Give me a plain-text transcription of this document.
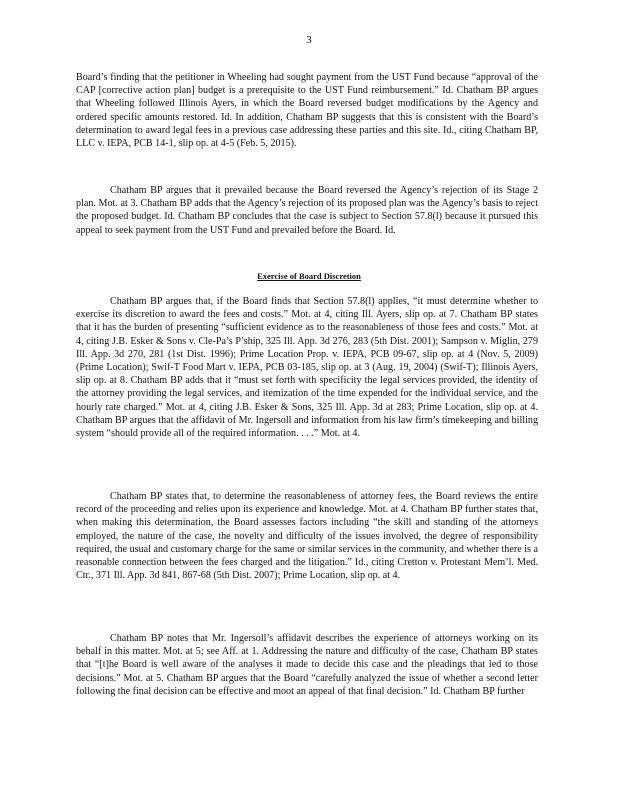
3

Board’s finding that the petitioner in Wheeling had sought payment from the UST Fund because “approval of the CAP [corrective action plan] budget is a prerequisite to the UST Fund reimbursement.” Id. Chatham BP argues that Wheeling followed Illinois Ayers, in which the Board reversed budget modifications by the Agency and ordered specific amounts restored. Id. In addition, Chatham BP suggests that this is consistent with the Board’s determination to award legal fees in a previous case addressing these parties and this site. Id., citing Chatham BP, LLC v. IEPA, PCB 14-1, slip op. at 4-5 (Feb. 5, 2015).

Chatham BP argues that it prevailed because the Board reversed the Agency’s rejection of its Stage 2 plan. Mot. at 3. Chatham BP adds that the Agency’s rejection of its proposed plan was the Agency’s basis to reject the proposed budget. Id. Chatham BP concludes that the case is subject to Section 57.8(l) because it pursued this appeal to seek payment from the UST Fund and prevailed before the Board. Id.

Exercise of Board Discretion

Chatham BP argues that, if the Board finds that Section 57.8(l) applies, “it must determine whether to exercise its discretion to award the fees and costs.” Mot. at 4, citing Ill. Ayers, slip op. at 7. Chatham BP states that it has the burden of presenting “sufficient evidence as to the reasonableness of those fees and costs.” Mot. at 4, citing J.B. Esker & Sons v. Cle-Pa’s P’ship, 325 Ill. App. 3d 276, 283 (5th Dist. 2001); Sampson v. Miglin, 279 Ill. App. 3d 270, 281 (1st Dist. 1996); Prime Location Prop. v. IEPA, PCB 09-67, slip op. at 4 (Nov. 5, 2009) (Prime Location); Swif-T Food Mart v. IEPA, PCB 03-185, slip op. at 3 (Aug. 19, 2004) (Swif-T); Illinois Ayers, slip op. at 8. Chatham BP adds that it “must set forth with specificity the legal services provided, the identity of the attorney providing the legal services, and itemization of the time expended for the individual service, and the hourly rate charged.” Mot. at 4, citing J.B. Esker & Sons, 325 Ill. App. 3d at 283; Prime Location, slip op. at 4. Chatham BP argues that the affidavit of Mr. Ingersoll and information from his law firm’s timekeeping and billing system “should provide all of the required information. . . .” Mot. at 4.

Chatham BP states that, to determine the reasonableness of attorney fees, the Board reviews the entire record of the proceeding and relies upon its experience and knowledge. Mot. at 4. Chatham BP further states that, when making this determination, the Board assesses factors including “the skill and standing of the attorneys employed, the nature of the case, the novelty and difficulty of the issues involved, the degree of responsibility required, the usual and customary charge for the same or similar services in the community, and whether there is a reasonable connection between the fees charged and the litigation.” Id., citing Cretton v. Protestant Mem’l. Med. Ctr., 371 Ill. App. 3d 841, 867-68 (5th Dist. 2007); Prime Location, slip op. at 4.

Chatham BP notes that Mr. Ingersoll’s affidavit describes the experience of attorneys working on its behalf in this matter. Mot. at 5; see Aff. at 1. Addressing the nature and difficulty of the case, Chatham BP states that “[t]he Board is well aware of the analyses it made to decide this case and the pleadings that led to those decisions.” Mot. at 5. Chatham BP argues that the Board “carefully analyzed the issue of whether a second letter following the final decision can be effective and moot an appeal of that final decision.” Id. Chatham BP further
